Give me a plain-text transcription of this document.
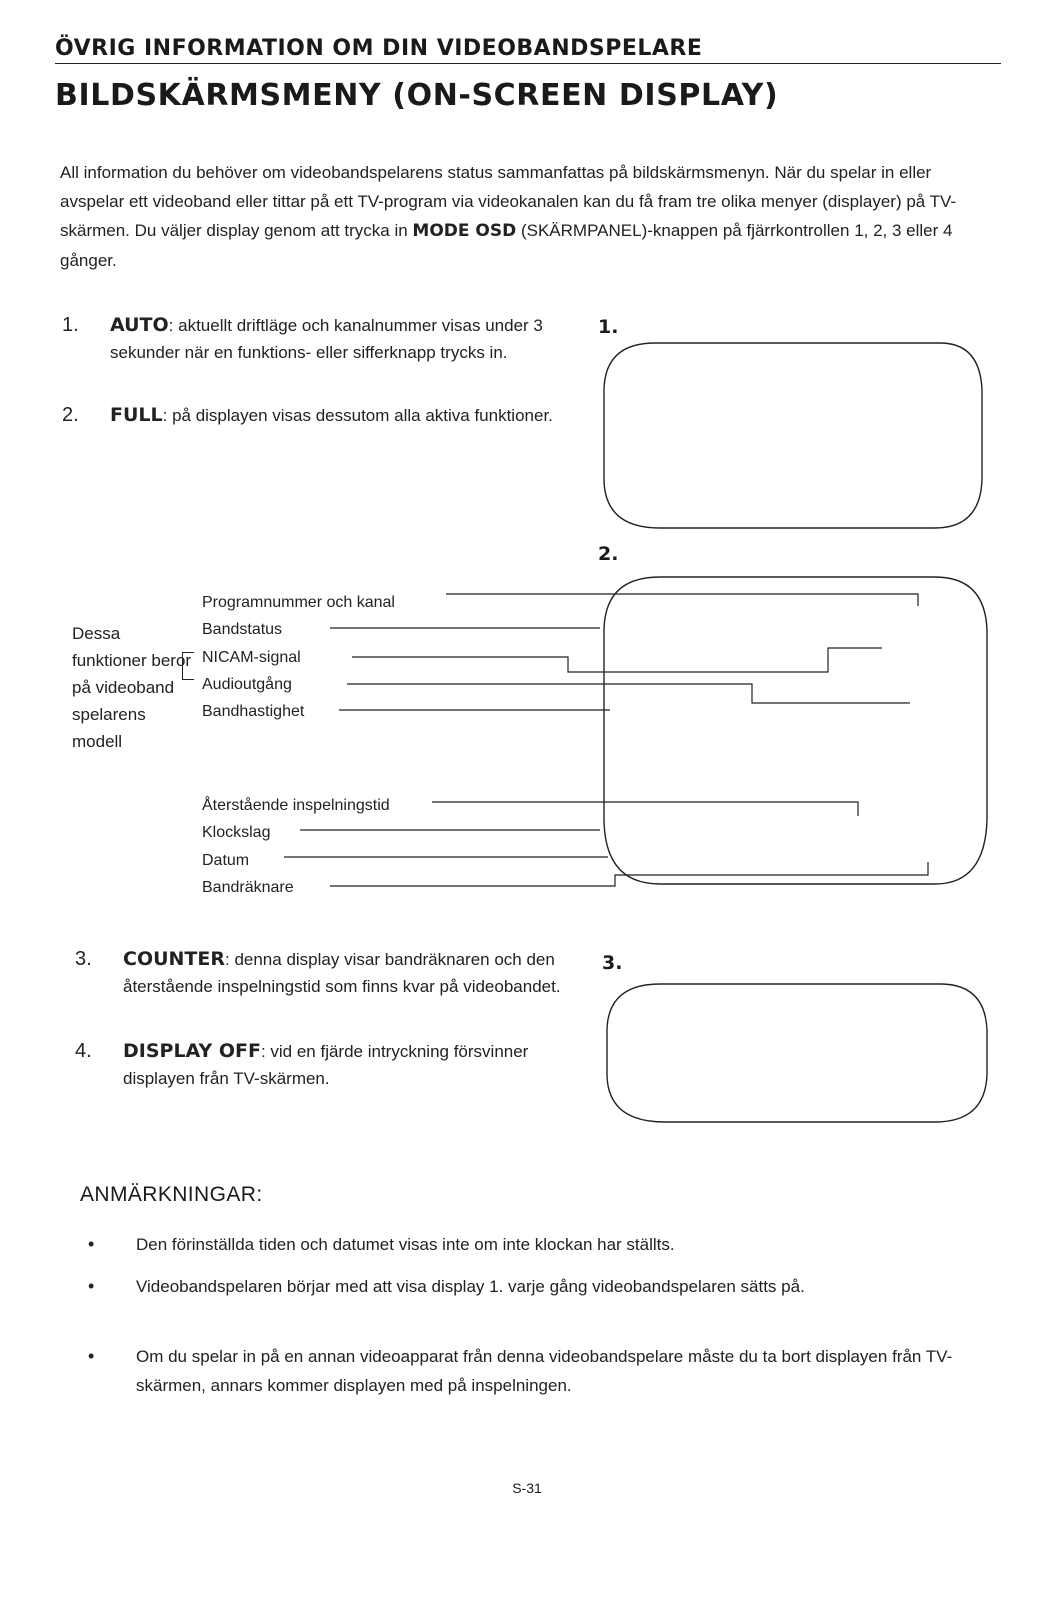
ÖVRIG INFORMATION OM DIN VIDEOBANDSPELARE
BILDSKÄRMSMENY (ON-SCREEN DISPLAY)
All information du behöver om videobandspelarens status sammanfattas på bildskärmsmenyn. När du spelar in eller avspelar ett videoband eller tittar på ett TV-program via videokanalen kan du få fram tre olika menyer (displayer) på TV-skärmen. Du väljer display genom att trycka in MODE OSD (SKÄRMPANEL)-knappen på fjärrkontrollen 1, 2, 3 eller 4 gånger.
1. AUTO: aktuellt driftläge och kanalnummer visas under 3 sekunder när en funktions- eller sifferknapp trycks in.
2. FULL: på displayen visas dessutom alla aktiva funktioner.
1.
2.
3.
Dessa funktioner beror på videoband spelarens modell
Programnummer och kanal
Bandstatus
NICAM-signal
Audioutgång
Bandhastighet
Återstående inspelningstid
Klockslag
Datum
Bandräknare
3. COUNTER: denna display visar bandräknaren och den återstående inspelningstid som finns kvar på videobandet.
4. DISPLAY OFF: vid en fjärde intryckning försvinner displayen från TV-skärmen.
ANMÄRKNINGAR:
• Den förinställda tiden och datumet visas inte om inte klockan har ställts.
• Videobandspelaren börjar med att visa display 1. varje gång videobandspelaren sätts på.
• Om du spelar in på en annan videoapparat från denna videobandspelare måste du ta bort displayen från TV-skärmen, annars kommer displayen med på inspelningen.
S-31
